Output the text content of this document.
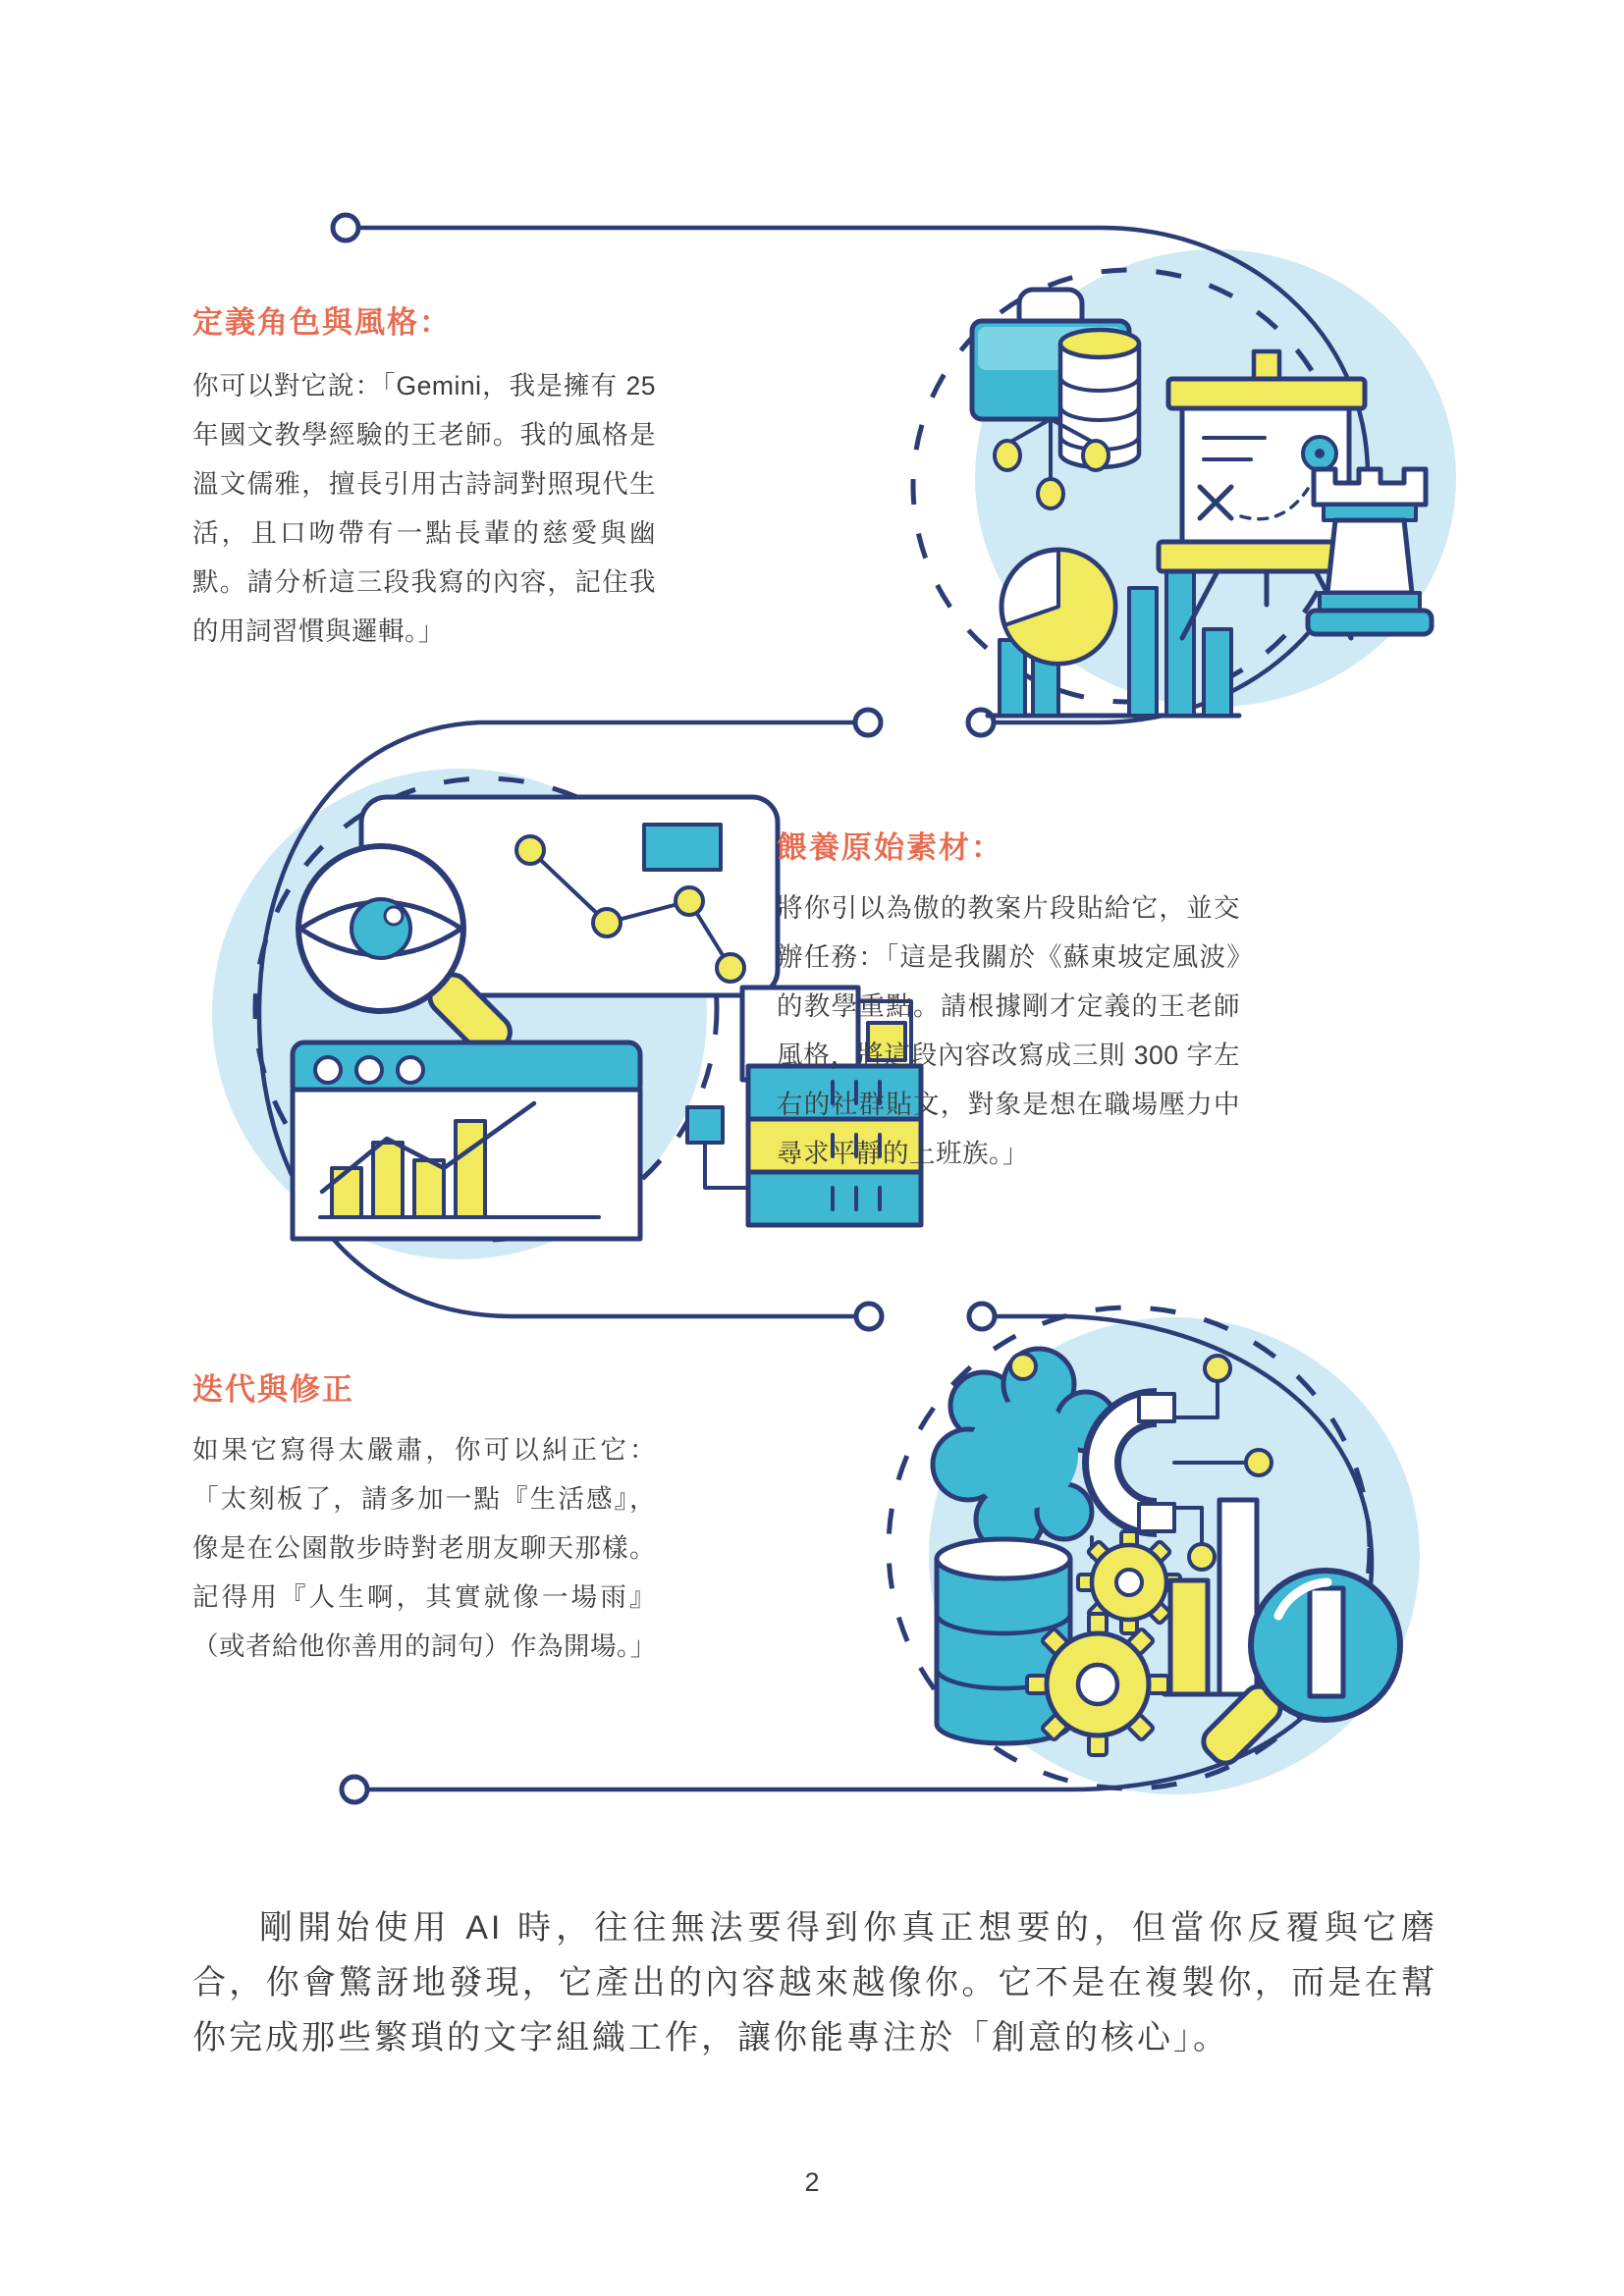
定義角色與風格：

你可以對它說：「Gemini，我是擁有 25 年國文教學經驗的王老師。我的風格是溫文儒雅，擅長引用古詩詞對照現代生活，且口吻帶有一點長輩的慈愛與幽默。請分析這三段我寫的內容，記住我的用詞習慣與邏輯。」

餵養原始素材：

將你引以為傲的教案片段貼給它，並交辦任務：「這是我關於《蘇東坡定風波》的教學重點。請根據剛才定義的王老師風格，將這段內容改寫成三則 300 字左右的社群貼文，對象是想在職場壓力中尋求平靜的上班族。」

迭代與修正

如果它寫得太嚴肅，你可以糾正它：「太刻板了，請多加一點『生活感』，像是在公園散步時對老朋友聊天那樣。記得用『人生啊，其實就像一場雨』（或者給他你善用的詞句）作為開場。」

剛開始使用 AI 時，往往無法要得到你真正想要的，但當你反覆與它磨合，你會驚訝地發現，它產出的內容越來越像你。它不是在複製你，而是在幫你完成那些繁瑣的文字組織工作，讓你能專注於「創意的核心」。

2
